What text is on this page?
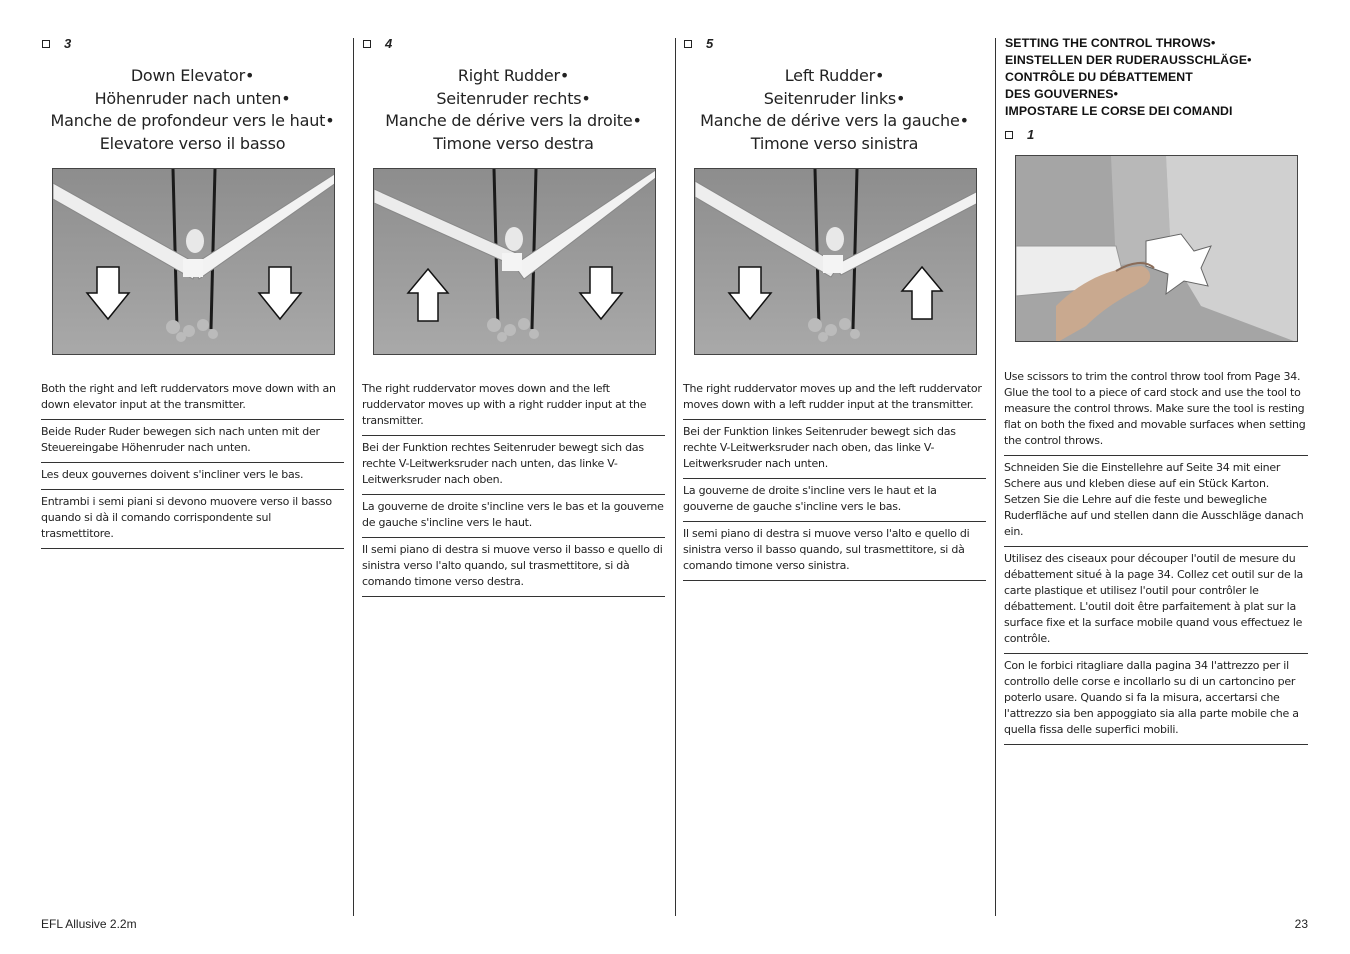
3
Down Elevator•
Höhenruder nach unten•
Manche de profondeur vers le haut•
Elevatore verso il basso
Both the right and left ruddervators move down with an down elevator input at the transmitter.
Beide Ruder Ruder bewegen sich nach unten mit der Steuereingabe Höhenruder nach unten.
Les deux gouvernes doivent s'incliner vers le bas.
Entrambi i semi piani si devono muovere verso il basso quando si dà il comando corrispondente sul trasmettitore.
4
Right Rudder•
Seitenruder rechts•
Manche de dérive vers la droite•
Timone verso destra
The right ruddervator moves down and the left ruddervator moves up with a right rudder input at the transmitter.
Bei der Funktion rechtes Seitenruder bewegt sich das rechte V-Leitwerksruder nach unten, das linke V-Leitwerksruder nach oben.
La gouverne de droite s'incline vers le bas et la gouverne de gauche s'incline vers le haut.
Il semi piano di destra si muove verso il basso e quello di sinistra verso l'alto quando, sul trasmettitore, si dà comando timone verso destra.
5
Left Rudder•
Seitenruder links•
Manche de dérive vers la gauche•
Timone verso sinistra
The right ruddervator moves up and the left ruddervator moves down with a left rudder input at the transmitter.
Bei der Funktion linkes Seitenruder bewegt sich das rechte V-Leitwerksruder nach oben, das linke V-Leitwerksruder nach unten.
La gouverne de droite s'incline vers le haut et la gouverne de gauche s'incline vers le bas.
Il semi piano di destra si muove verso l'alto e quello di sinistra verso il basso quando, sul trasmettitore, si dà comando timone verso sinistra.
SETTING THE CONTROL THROWS•
EINSTELLEN DER RUDERAUSSCHLÄGE•
CONTRÔLE DU DÉBATTEMENT
DES GOUVERNES•
IMPOSTARE LE CORSE DEI COMANDI
1
Use scissors to trim the control throw tool from Page 34. Glue the tool to a piece of card stock and use the tool to measure the control throws. Make sure the tool is resting flat on both the fixed and movable surfaces when setting the control throws.
Schneiden Sie die Einstellehre auf Seite 34 mit einer Schere aus und kleben diese auf ein Stück Karton. Setzen Sie die Lehre auf die feste und bewegliche Ruderfläche auf und stellen dann die Ausschläge danach ein.
Utilisez des ciseaux pour découper l'outil de mesure du débattement situé à la page 34. Collez cet outil sur de la carte plastique et utilisez l'outil pour contrôler le débattement. L'outil doit être parfaitement à plat sur la surface fixe et la surface mobile quand vous effectuez le contrôle.
Con le forbici ritagliare dalla pagina 34 l'attrezzo per il controllo delle corse e incollarlo su di un cartoncino per poterlo usare. Quando si fa la misura, accertarsi che l'attrezzo sia ben appoggiato sia alla parte mobile che a quella fissa delle superfici mobili.
EFL Allusive 2.2m	23
